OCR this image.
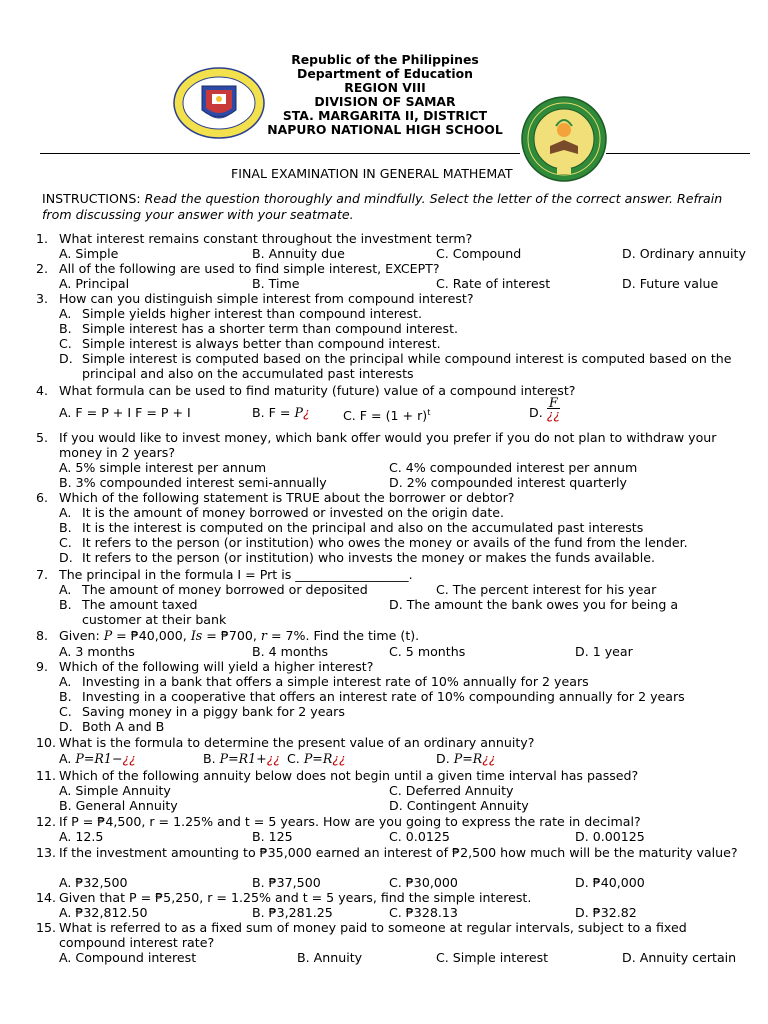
Republic of the Philippines
Department of Education
REGION VIII
DIVISION OF SAMAR
STA. MARGARITA II, DISTRICT
NAPURO NATIONAL HIGH SCHOOL
FINAL EXAMINATION IN GENERAL MATHEMAT
INSTRUCTIONS: Read the question thoroughly and mindfully. Select the letter of the correct answer. Refrain from discussing your answer with your seatmate.
1. What interest remains constant throughout the investment term?
A. Simple	B. Annuity due	C. Compound	D. Ordinary annuity
2. All of the following are used to find simple interest, EXCEPT?
A. Principal	B. Time	C. Rate of interest	D. Future value
3. How can you distinguish simple interest from compound interest?
A. Simple yields higher interest than compound interest.
B. Simple interest has a shorter term than compound interest.
C. Simple interest is always better than compound interest.
D. Simple interest is computed based on the principal while compound interest is computed based on the principal and also on the accumulated past interests
4. What formula can be used to find maturity (future) value of a compound interest?
A. F = P + I F = P + I	B. F = P¿	C. $F = (1 + r)^t$	D.
F
¿¿
5. If you would like to invest money, which bank offer would you prefer if you do not plan to withdraw your money in 2 years?
A. 5% simple interest per annum	C. 4% compounded interest per annum
B. 3% compounded interest semi-annually	D. 2% compounded interest quarterly
6. Which of the following statement is TRUE about the borrower or debtor?
A. It is the amount of money borrowed or invested on the origin date.
B. It is the interest is computed on the principal and also on the accumulated past interests
C. It refers to the person (or institution) who owes the money or avails of the fund from the lender.
D. It refers to the person (or institution) who invests the money or makes the funds available.
7. The principal in the formula I = Prt is __________________.
A. The amount of money borrowed or deposited	C. The percent interest for his year
B. The amount taxed	D. The amount the bank owes you for being a
customer at their bank
8. Given: P = ₱40,000, Is = ₱700, r = 7%. Find the time (t).
A. 3 months	B. 4 months	C. 5 months	D. 1 year
9. Which of the following will yield a higher interest?
A. Investing in a bank that offers a simple interest rate of 10% annually for 2 years
B. Investing in a cooperative that offers an interest rate of 10% compounding annually for 2 years
C. Saving money in a piggy bank for 2 years
D. Both A and B
10. What is the formula to determine the present value of an ordinary annuity?
A. P=R1−¿¿	B. P=R1+¿¿ C. P=R¿¿	D. P=R¿¿
11. Which of the following annuity below does not begin until a given time interval has passed?
A. Simple Annuity	C. Deferred Annuity
B. General Annuity	D. Contingent Annuity
12. If P = ₱4,500, r = 1.25% and t = 5 years. How are you going to express the rate in decimal?
A. 12.5	B. 125	C. 0.0125	D. 0.00125
13. If the investment amounting to ₱35,000 earned an interest of ₱2,500 how much will be the maturity value?
A. ₱32,500	B. ₱37,500	C. ₱30,000	D. ₱40,000
14. Given that P = ₱5,250, r = 1.25% and t = 5 years, find the simple interest.
A. ₱32,812.50	B. ₱3,281.25	C. ₱328.13	D. ₱32.82
15. What is referred to as a fixed sum of money paid to someone at regular intervals, subject to a fixed compound interest rate?
A. Compound interest	B. Annuity	C. Simple interest	D. Annuity certain
